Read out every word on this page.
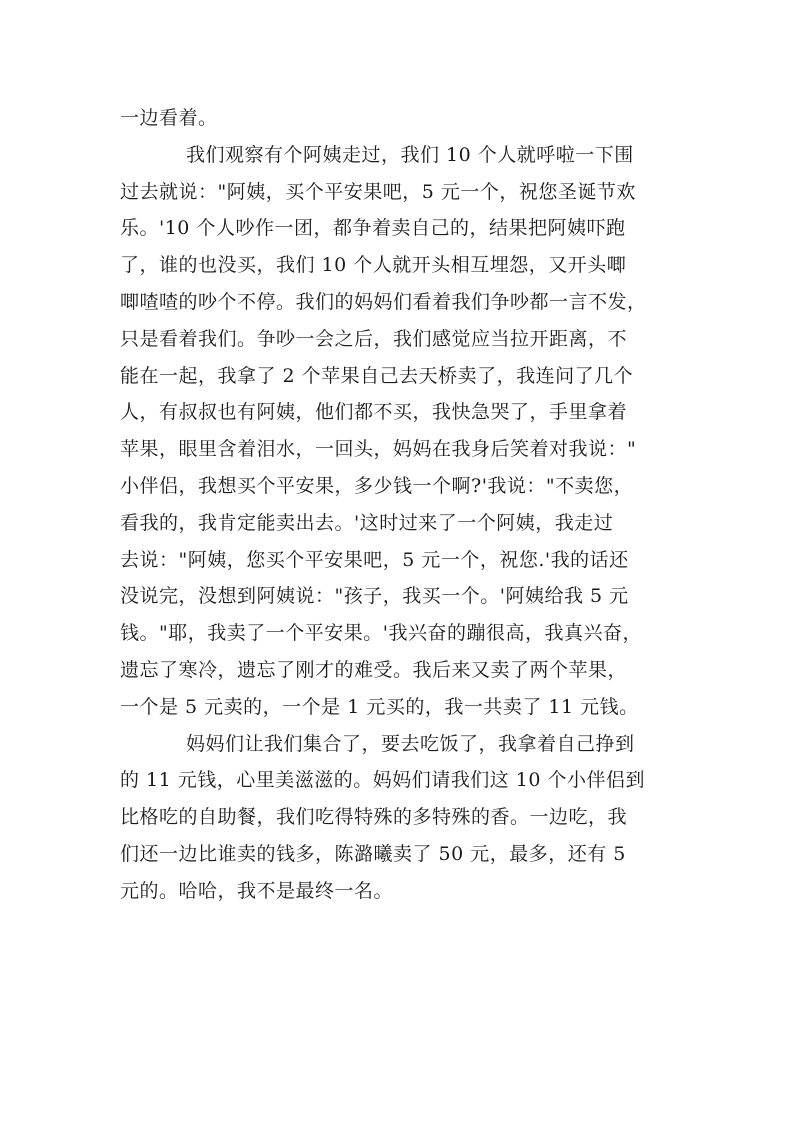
一边看着。
我们观察有个阿姨走过，我们 10 个人就呼啦一下围
过去就说："阿姨，买个平安果吧，5 元一个，祝您圣诞节欢
乐。'10 个人吵作一团，都争着卖自己的，结果把阿姨吓跑
了，谁的也没买，我们 10 个人就开头相互埋怨，又开头唧
唧喳喳的吵个不停。我们的妈妈们看着我们争吵都一言不发，
只是看着我们。争吵一会之后，我们感觉应当拉开距离，不
能在一起，我拿了 2 个苹果自己去天桥卖了，我连问了几个
人，有叔叔也有阿姨，他们都不买，我快急哭了，手里拿着
苹果，眼里含着泪水，一回头，妈妈在我身后笑着对我说："
小伴侣，我想买个平安果，多少钱一个啊?'我说："不卖您，
看我的，我肯定能卖出去。'这时过来了一个阿姨，我走过
去说："阿姨，您买个平安果吧，5 元一个，祝您.'我的话还
没说完，没想到阿姨说："孩子，我买一个。'阿姨给我 5 元
钱。"耶，我卖了一个平安果。'我兴奋的蹦很高，我真兴奋，
遗忘了寒冷，遗忘了刚才的难受。我后来又卖了两个苹果，
一个是 5 元卖的，一个是 1 元买的，我一共卖了 11 元钱。
妈妈们让我们集合了，要去吃饭了，我拿着自己挣到
的 11 元钱，心里美滋滋的。妈妈们请我们这 10 个小伴侣到
比格吃的自助餐，我们吃得特殊的多特殊的香。一边吃，我
们还一边比谁卖的钱多，陈潞曦卖了 50 元，最多，还有 5
元的。哈哈，我不是最终一名。
